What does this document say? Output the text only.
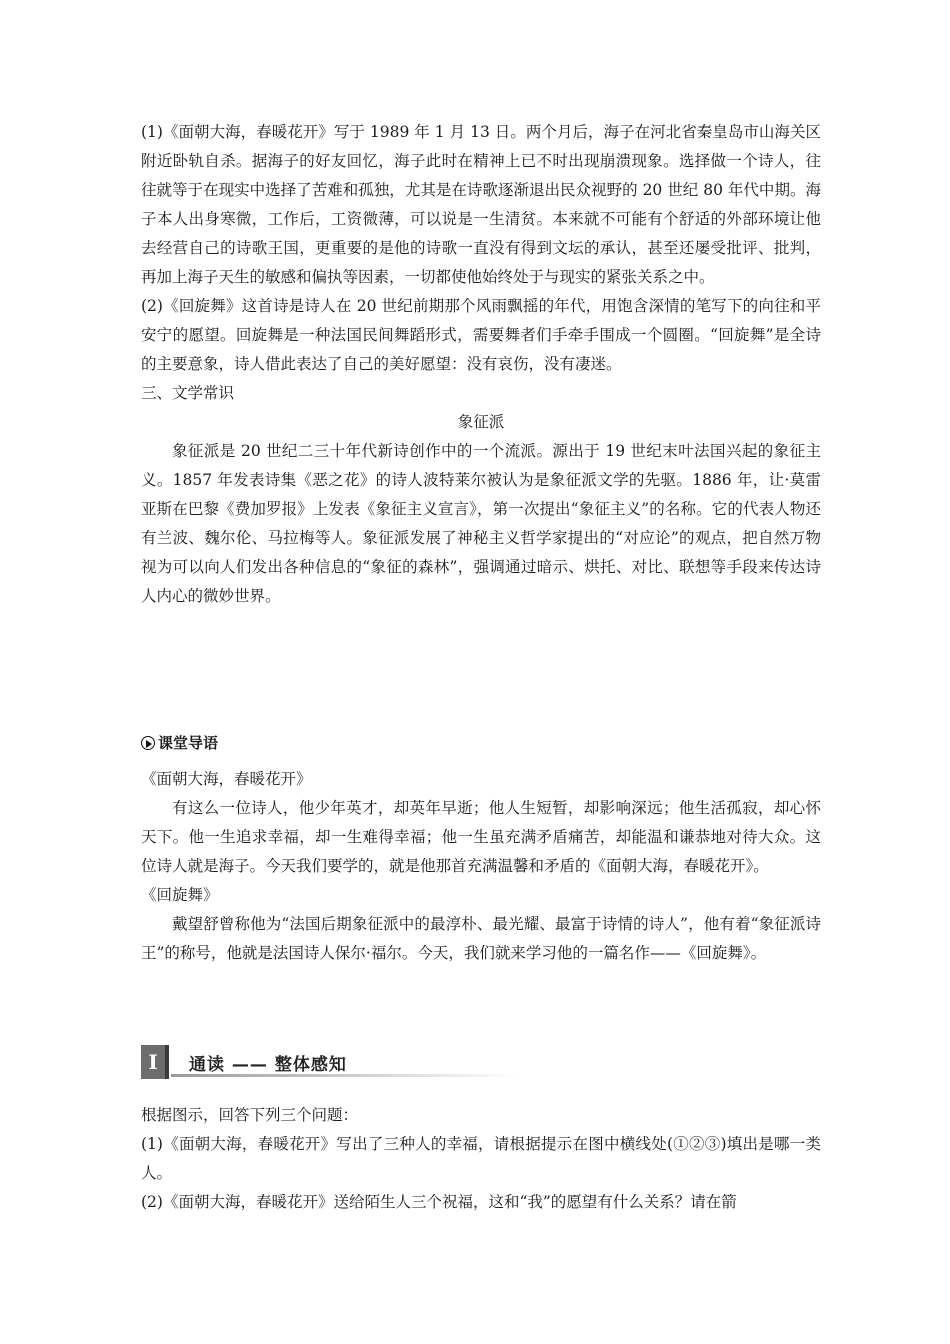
(1)《面朝大海，春暖花开》写于 1989 年 1 月 13 日。两个月后，海子在河北省秦皇岛市山海关区附近卧轨自杀。据海子的好友回忆，海子此时在精神上已不时出现崩溃现象。选择做一个诗人，往往就等于在现实中选择了苦难和孤独，尤其是在诗歌逐渐退出民众视野的 20 世纪 80 年代中期。海子本人出身寒微，工作后，工资微薄，可以说是一生清贫。本来就不可能有个舒适的外部环境让他去经营自己的诗歌王国，更重要的是他的诗歌一直没有得到文坛的承认，甚至还屡受批评、批判，再加上海子天生的敏感和偏执等因素，一切都使他始终处于与现实的紧张关系之中。

(2)《回旋舞》这首诗是诗人在 20 世纪前期那个风雨飘摇的年代，用饱含深情的笔写下的向往和平安宁的愿望。回旋舞是一种法国民间舞蹈形式，需要舞者们手牵手围成一个圆圈。“回旋舞”是全诗的主要意象，诗人借此表达了自己的美好愿望：没有哀伤，没有凄迷。

三、文学常识

象征派

象征派是 20 世纪二三十年代新诗创作中的一个流派。源出于 19 世纪末叶法国兴起的象征主义。1857 年发表诗集《恶之花》的诗人波特莱尔被认为是象征派文学的先驱。1886 年，让·莫雷亚斯在巴黎《费加罗报》上发表《象征主义宣言》，第一次提出“象征主义”的名称。它的代表人物还有兰波、魏尔伦、马拉梅等人。象征派发展了神秘主义哲学家提出的“对应论”的观点，把自然万物视为可以向人们发出各种信息的“象征的森林”，强调通过暗示、烘托、对比、联想等手段来传达诗人内心的微妙世界。

课堂导语

《面朝大海，春暖花开》

有这么一位诗人，他少年英才，却英年早逝；他人生短暂，却影响深远；他生活孤寂，却心怀天下。他一生追求幸福，却一生难得幸福；他一生虽充满矛盾痛苦，却能温和谦恭地对待大众。这位诗人就是海子。今天我们要学的，就是他那首充满温馨和矛盾的《面朝大海，春暖花开》。

《回旋舞》

戴望舒曾称他为“法国后期象征派中的最淳朴、最光耀、最富于诗情的诗人”，他有着“象征派诗王”的称号，他就是法国诗人保尔·福尔。今天，我们就来学习他的一篇名作——《回旋舞》。

I	通读 —— 整体感知

根据图示，回答下列三个问题：

(1)《面朝大海，春暖花开》写出了三种人的幸福，请根据提示在图中横线处(①②③)填出是哪一类人。

(2)《面朝大海，春暖花开》送给陌生人三个祝福，这和“我”的愿望有什么关系？请在箭
